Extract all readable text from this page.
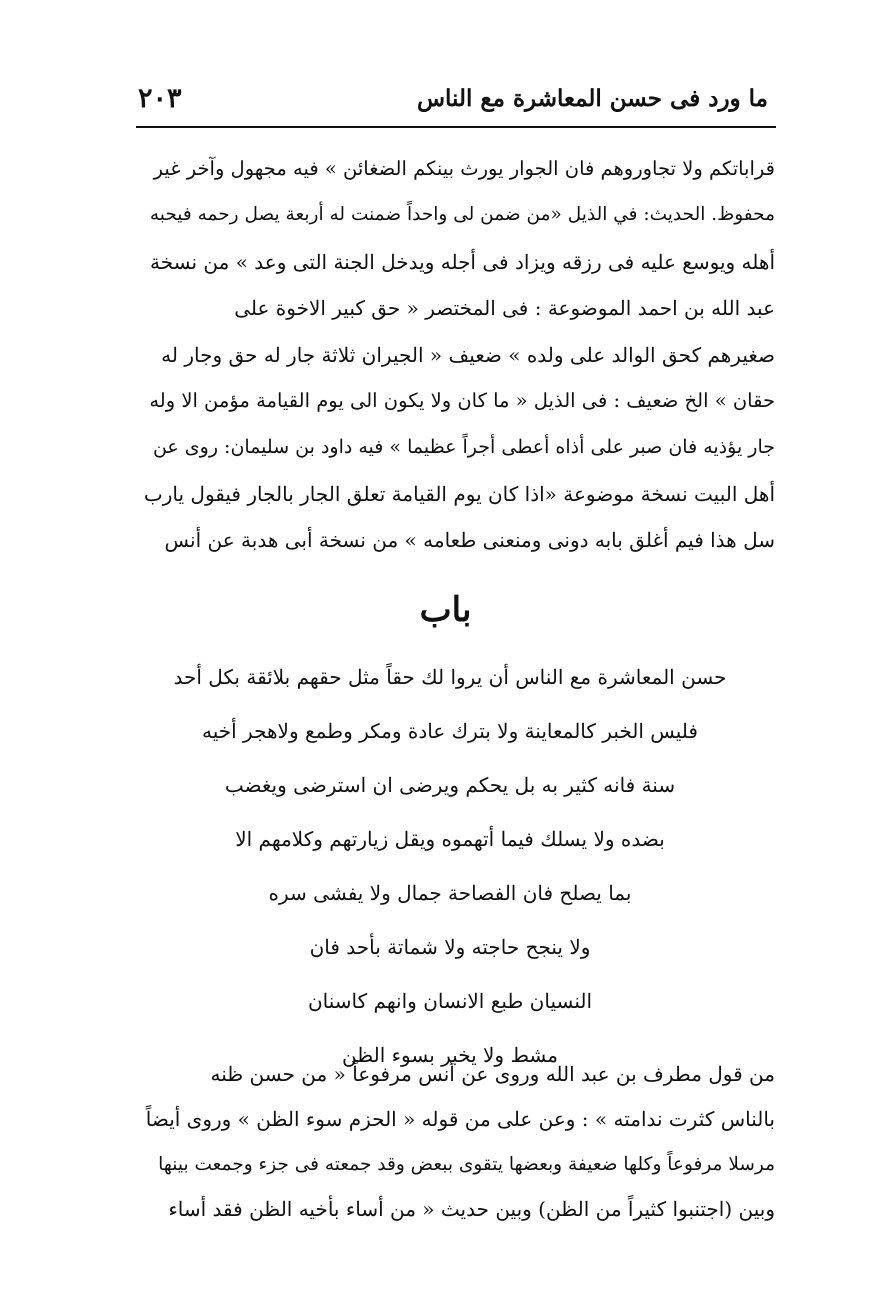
ما ورد فی حسن المعاشرة مع الناس
۲۰۳
قراباتكم ولا تجاوروهم فان الجوار يورث بينكم الضغائن » فيه مجهول وآخر غير
محفوظ. الحديث: في الذيل «من ضمن لى واحداً ضمنت له أربعة يصل رحمه فيحبه
أهله ويوسع عليه فى رزقه ويزاد فى أجله ويدخل الجنة التى وعد » من نسخة
عبد الله بن احمد الموضوعة : فى المختصر « حق كبير الاخوة على
صغيرهم كحق الوالد على ولده » ضعيف « الجيران ثلاثة جار له حق وجار له
حقان » الخ ضعيف : فى الذيل « ما كان ولا يكون الى يوم القيامة مؤمن الا وله
جار يؤذيه فان صبر على أذاه أعطى أجراً عظيما » فيه داود بن سليمان: روى عن
أهل البيت نسخة موضوعة «اذا كان يوم القيامة تعلق الجار بالجار فيقول يارب
سل هذا فيم أغلق بابه دونى ومنعنى طعامه » من نسخة أبى هدبة عن أنس
باب
حسن المعاشرة مع الناس أن يروا لك حقاً مثل حقهم بلائقة بكل أحد
فليس الخبر كالمعاينة ولا بترك عادة ومكر وطمع ولاهجر أخيه
سنة فانه كثير به بل يحكم ويرضى ان استرضى ويغضب
بضده ولا يسلك فيما أتهموه ويقل زيارتهم وكلامهم الا
بما يصلح فان الفصاحة جمال ولا يفشى سره
ولا ينجح حاجته ولا شماتة بأحد فان
النسيان طبع الانسان وانهم كاسنان
مشط ولا يخبر بسوء الظن
من قول مطرف بن عبد الله وروى عن أنس مرفوعاً « من حسن ظنه
بالناس كثرت ندامته » : وعن على من قوله « الحزم سوء الظن » وروى أيضاً
مرسلا مرفوعاً وكلها ضعيفة وبعضها يتقوى ببعض وقد جمعته فى جزء وجمعت بينها
وبين (اجتنبوا كثيراً من الظن) وبين حديث « من أساء بأخيه الظن فقد أساء
